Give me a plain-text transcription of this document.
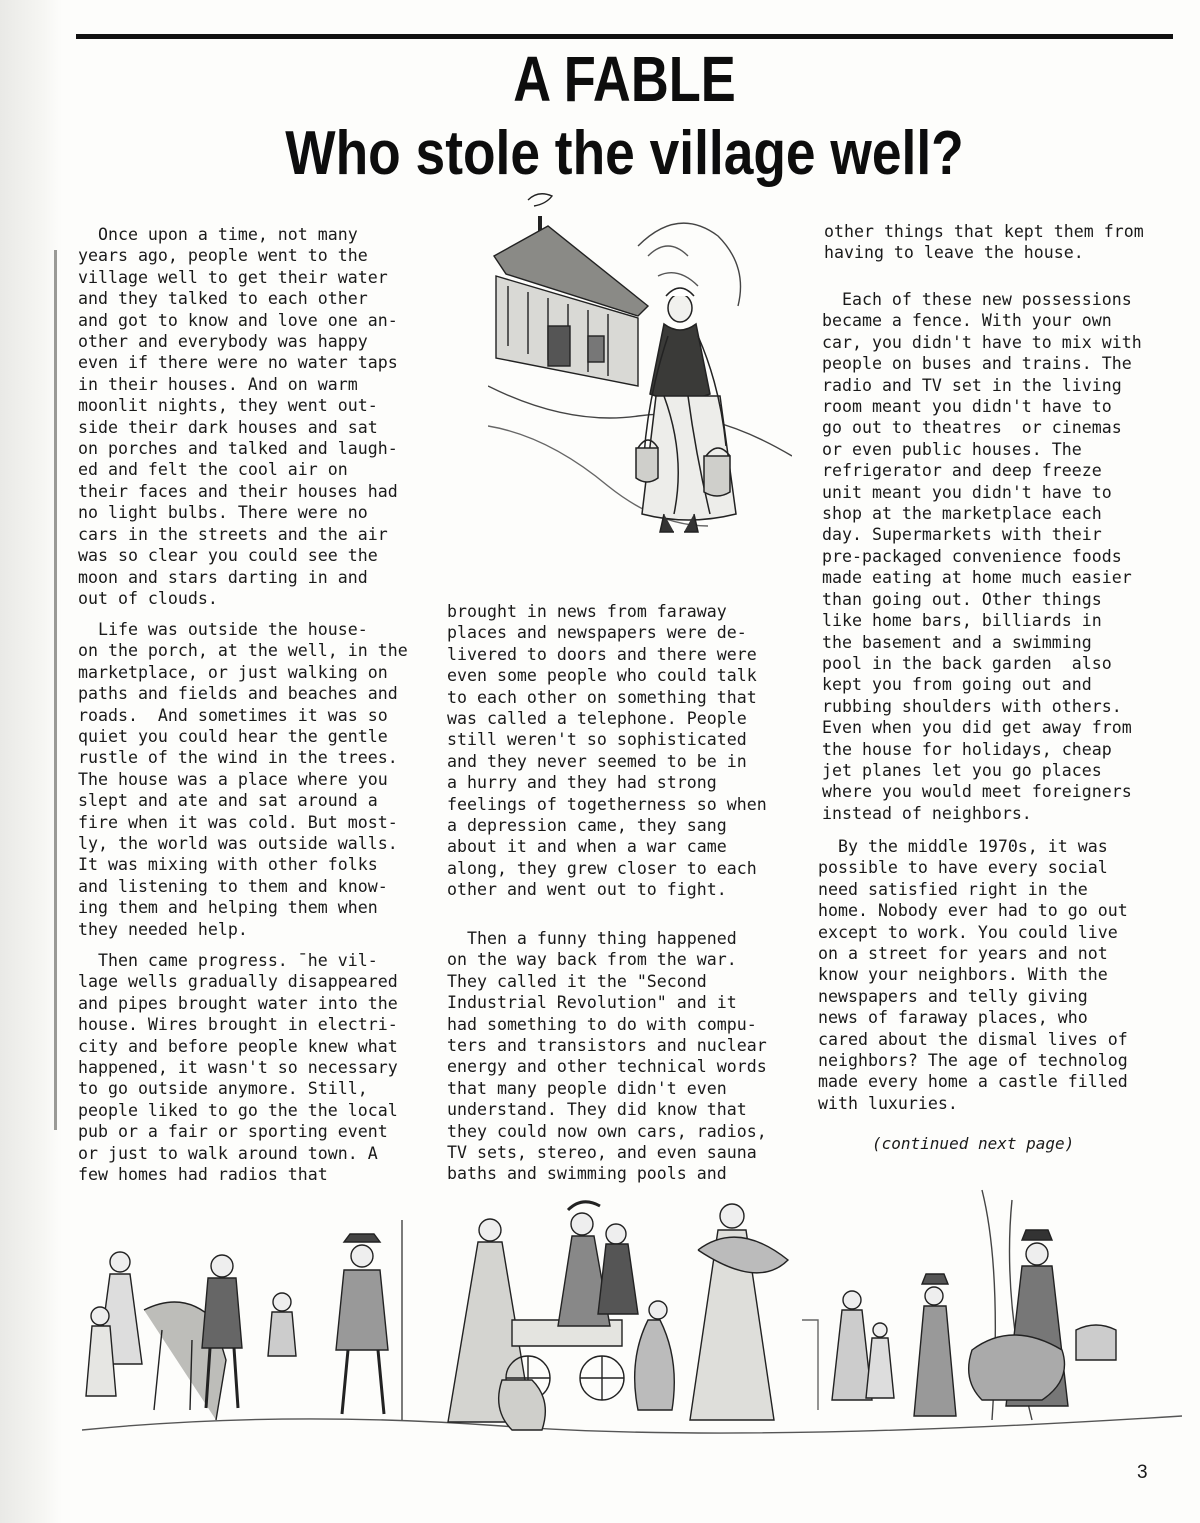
A FABLE
Who stole the village well?
Once upon a time, not many
years ago, people went to the
village well to get their water
and they talked to each other
and got to know and love one an-
other and everybody was happy
even if there were no water taps
in their houses. And on warm
moonlit nights, they went out-
side their dark houses and sat
on porches and talked and laugh-
ed and felt the cool air on
their faces and their houses had
no light bulbs. There were no
cars in the streets and the air
was so clear you could see the
moon and stars darting in and
out of clouds.
Life was outside the house-
on the porch, at the well, in the
marketplace, or just walking on
paths and fields and beaches and
roads.  And sometimes it was so
quiet you could hear the gentle
rustle of the wind in the trees.
The house was a place where you
slept and ate and sat around a
fire when it was cold. But most-
ly, the world was outside walls.
It was mixing with other folks
and listening to them and know-
ing them and helping them when
they needed help.
Then came progress. ¯he vil-
lage wells gradually disappeared
and pipes brought water into the
house. Wires brought in electri-
city and before people knew what
happened, it wasn't so necessary
to go outside anymore. Still,
people liked to go the the local
pub or a fair or sporting event
or just to walk around town. A
few homes had radios that
brought in news from faraway
places and newspapers were de-
livered to doors and there were
even some people who could talk
to each other on something that
was called a telephone. People
still weren't so sophisticated
and they never seemed to be in
a hurry and they had strong
feelings of togetherness so when
a depression came, they sang
about it and when a war came
along, they grew closer to each
other and went out to fight.
Then a funny thing happened
on the way back from the war.
They called it the "Second
Industrial Revolution" and it
had something to do with compu-
ters and transistors and nuclear
energy and other technical words
that many people didn't even
understand. They did know that
they could now own cars, radios,
TV sets, stereo, and even sauna
baths and swimming pools and
other things that kept them from
having to leave the house.
Each of these new possessions
became a fence. With your own
car, you didn't have to mix with
people on buses and trains. The
radio and TV set in the living
room meant you didn't have to
go out to theatres  or cinemas
or even public houses. The
refrigerator and deep freeze
unit meant you didn't have to
shop at the marketplace each
day. Supermarkets with their
pre-packaged convenience foods
made eating at home much easier
than going out. Other things
like home bars, billiards in
the basement and a swimming
pool in the back garden  also
kept you from going out and
rubbing shoulders with others.
Even when you did get away from
the house for holidays, cheap
jet planes let you go places
where you would meet foreigners
instead of neighbors.
By the middle 1970s, it was
possible to have every social
need satisfied right in the
home. Nobody ever had to go out
except to work. You could live
on a street for years and not
know your neighbors. With the
newspapers and telly giving
news of faraway places, who
cared about the dismal lives of
neighbors? The age of technolog
made every home a castle filled
with luxuries.
(continued next page)
3
